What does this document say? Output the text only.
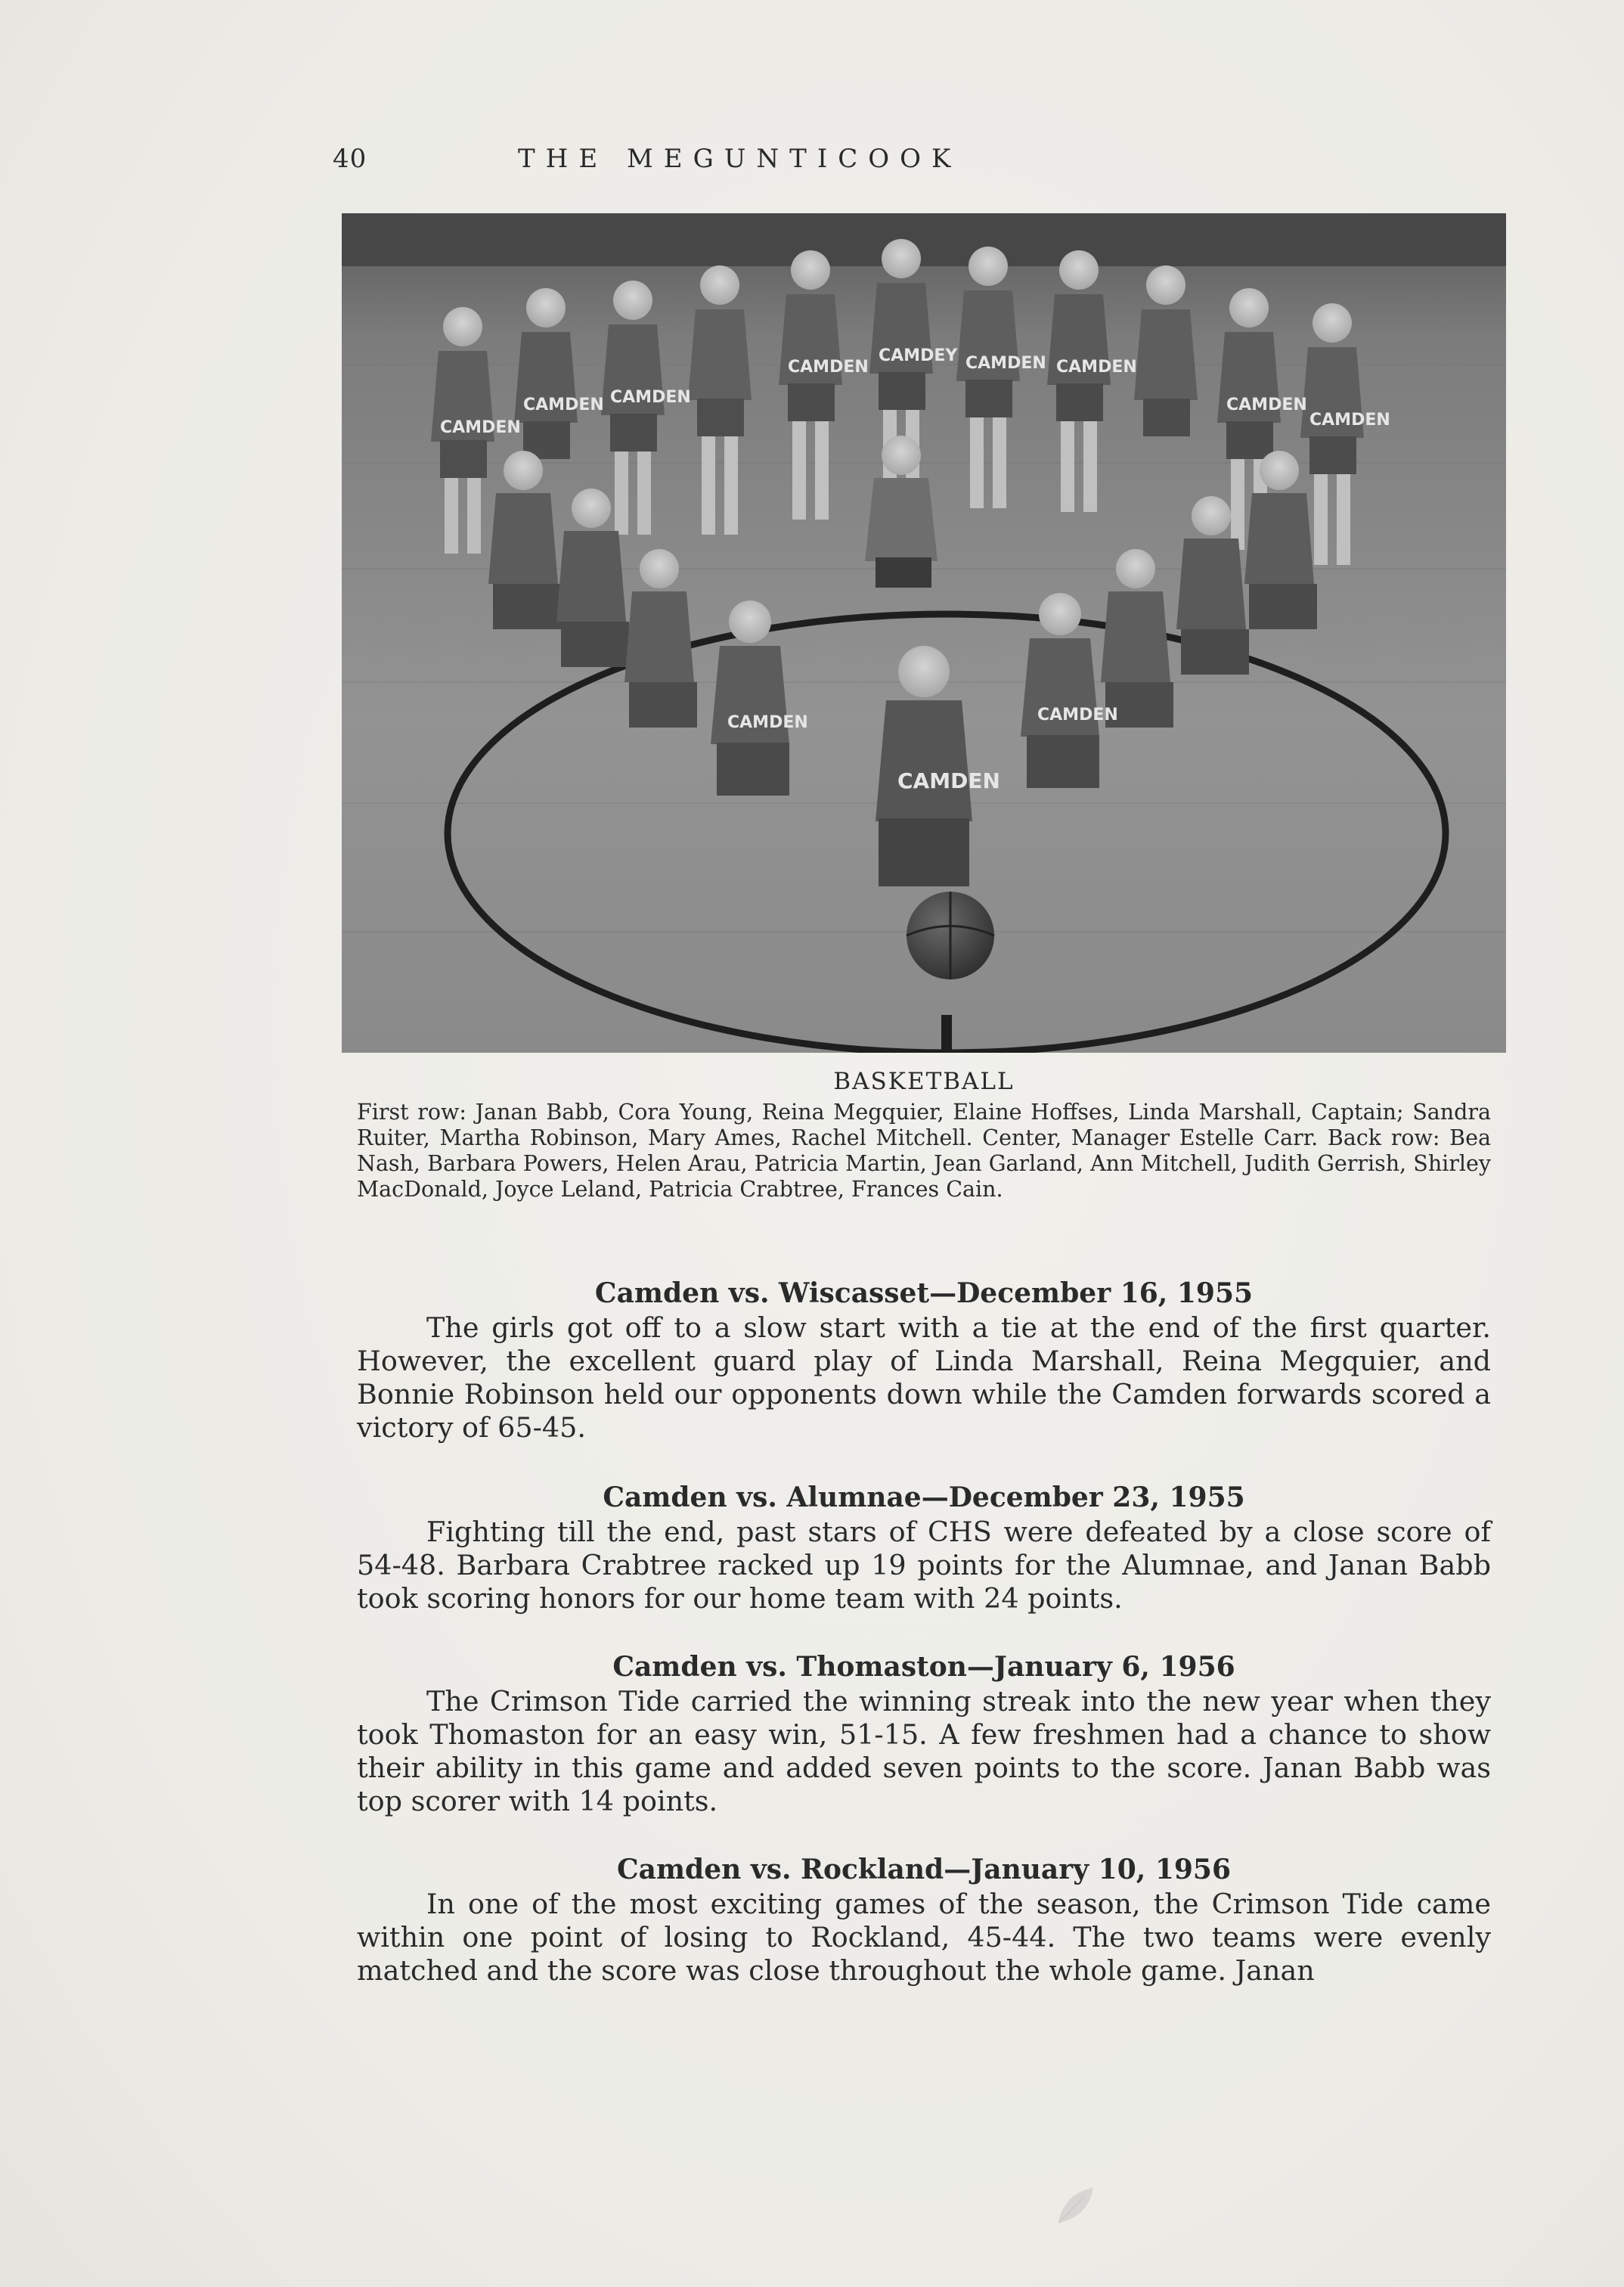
40	THE MEGUNTICOOK
CAMDEN
CAMDEN CAMDEN
CAMDEN
CAMDEY CAMDEN CAMDEN
CAMDEN
CAMDEN
CAMDEN
CAMDEN
CAMDEN
BASKETBALL

First row: Janan Babb, Cora Young, Reina Megquier, Elaine Hoffses, Linda Marshall, Captain; Sandra Ruiter, Martha Robinson, Mary Ames, Rachel Mitchell. Center, Manager Estelle Carr. Back row: Bea Nash, Barbara Powers, Helen Arau, Patricia Martin, Jean Garland, Ann Mitchell, Judith Gerrish, Shirley MacDonald, Joyce Leland, Patricia Crabtree, Frances Cain.

Camden vs. Wiscasset—December 16, 1955

The girls got off to a slow start with a tie at the end of the first quarter. However, the excellent guard play of Linda Marshall, Reina Megquier, and Bonnie Robinson held our opponents down while the Camden forwards scored a victory of 65-45.

Camden vs. Alumnae—December 23, 1955

Fighting till the end, past stars of CHS were defeated by a close score of 54-48. Barbara Crabtree racked up 19 points for the Alumnae, and Janan Babb took scoring honors for our home team with 24 points.

Camden vs. Thomaston—January 6, 1956

The Crimson Tide carried the winning streak into the new year when they took Thomaston for an easy win, 51-15. A few freshmen had a chance to show their ability in this game and added seven points to the score. Janan Babb was top scorer with 14 points.

Camden vs. Rockland—January 10, 1956

In one of the most exciting games of the season, the Crimson Tide came within one point of losing to Rockland, 45-44. The two teams were evenly matched and the score was close throughout the whole game. Janan
